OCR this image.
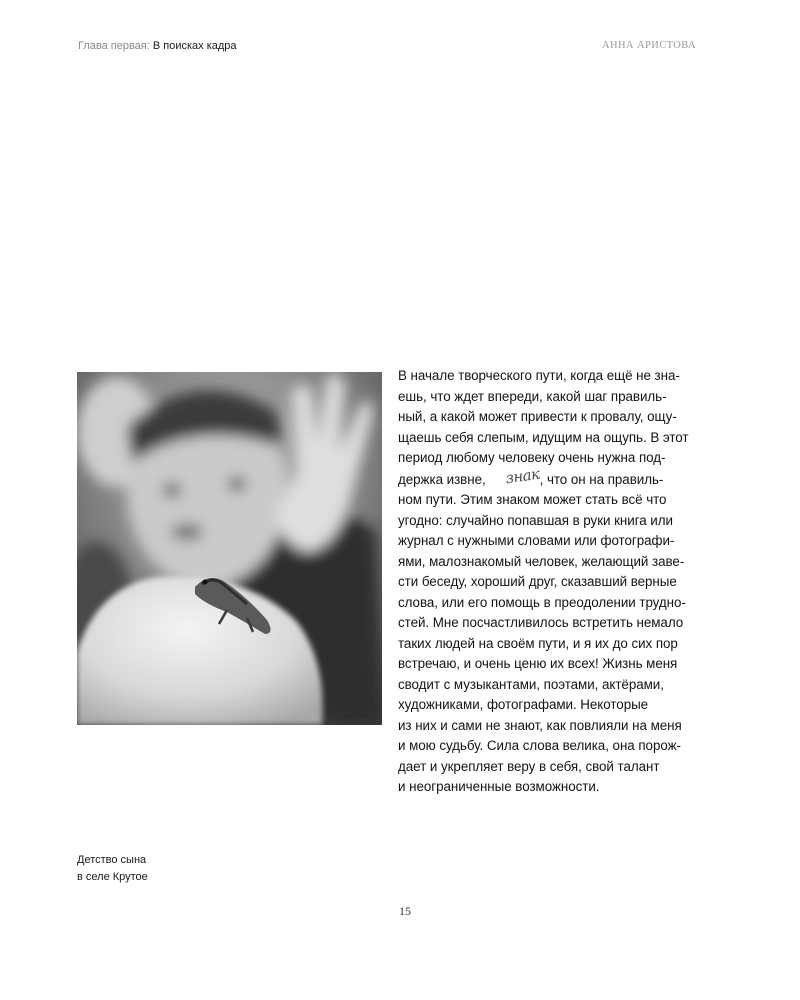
Глава первая: В поисках кадра	АННА АРИСТОВА
В начале творческого пути, когда ещё не зна-
ешь, что ждет впереди, какой шаг правиль-
ный, а какой может привести к провалу, ощу-
щаешь себя слепым, идущим на ощупь. В этот
период любому человеку очень нужна под-
держка извне, знак, что он на правиль-
ном пути. Этим знаком может стать всё что
угодно: случайно попавшая в руки книга или
журнал с нужными словами или фотографи-
ями, малознакомый человек, желающий заве-
сти беседу, хороший друг, сказавший верные
слова, или его помощь в преодолении трудно-
стей. Мне посчастливилось встретить немало
таких людей на своём пути, и я их до сих пор
встречаю, и очень ценю их всех! Жизнь меня
сводит с музыкантами, поэтами, актёрами,
художниками, фотографами. Некоторые
из них и сами не знают, как повлияли на меня
и мою судьбу. Сила слова велика, она порож-
дает и укрепляет веру в себя, свой талант
и неограниченные возможности.
Детство сына
в селе Крутое
15
